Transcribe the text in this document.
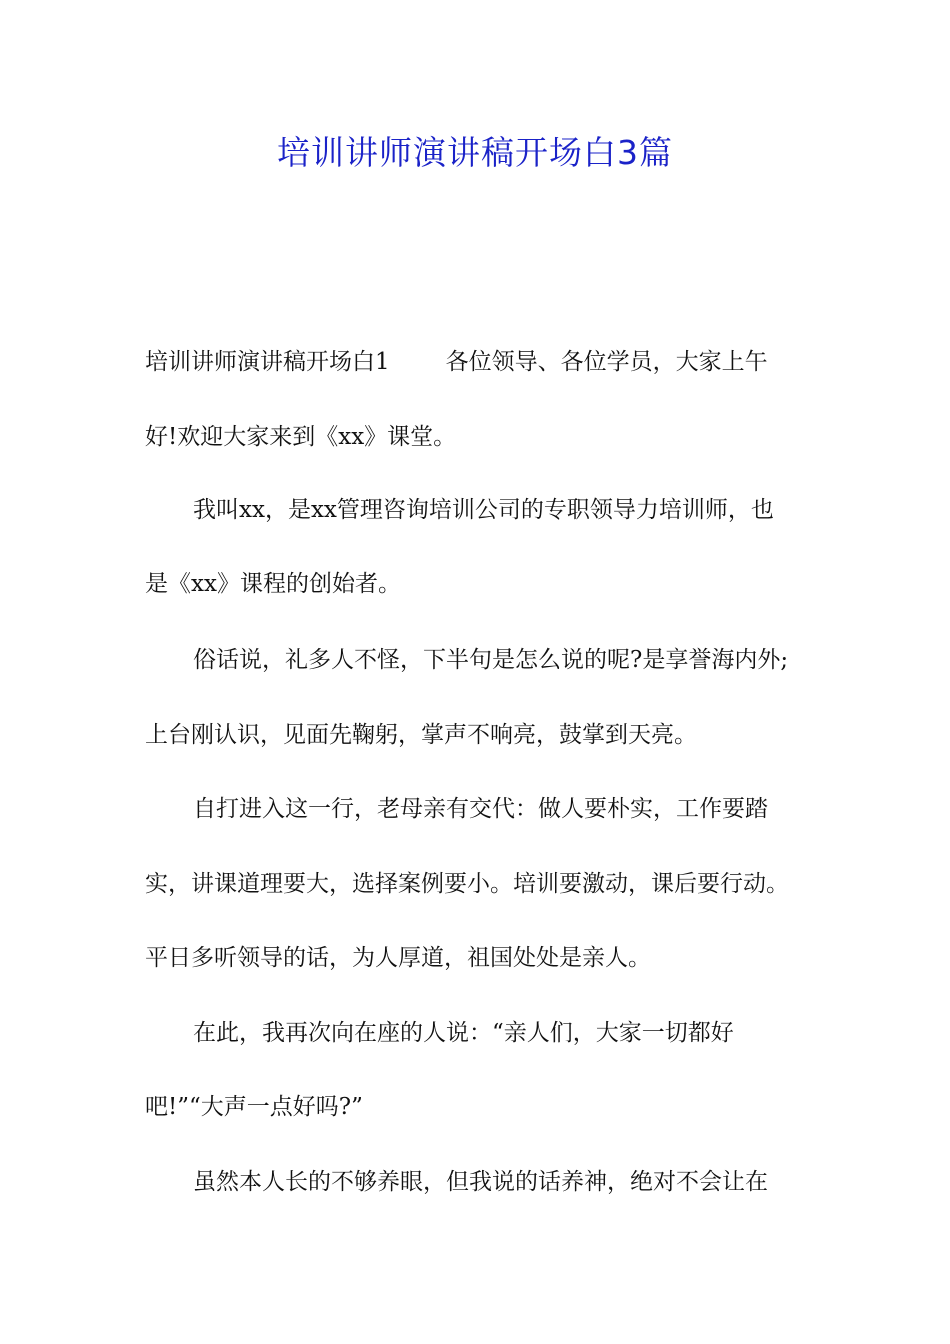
培训讲师演讲稿开场白3篇
培训讲师演讲稿开场白1 各位领导、各位学员，大家上午
好!欢迎大家来到《xx》课堂。
我叫xx，是xx管理咨询培训公司的专职领导力培训师，也
是《xx》课程的创始者。
俗话说，礼多人不怪，下半句是怎么说的呢?是享誉海内外;
上台刚认识，见面先鞠躬，掌声不响亮，鼓掌到天亮。
自打进入这一行，老母亲有交代：做人要朴实，工作要踏
实，讲课道理要大，选择案例要小。培训要激动，课后要行动。
平日多听领导的话，为人厚道，祖国处处是亲人。
在此，我再次向在座的人说：“亲人们，大家一切都好
吧!”“大声一点好吗?”
虽然本人长的不够养眼，但我说的话养神，绝对不会让在
